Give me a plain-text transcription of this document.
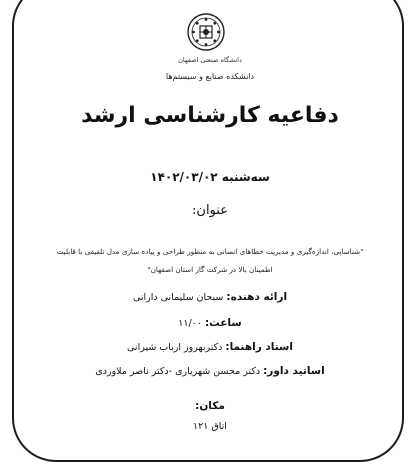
دانشگاه صنعتی اصفهان
دانشکده صنایع و سیستم‌ها
دفاعیه کارشناسی ارشد
سه‌شنبه ۱۴۰۲/۰۳/۰۲
عنوان:
"شناسایی، اندازه‌گیری و مدیریت خطاهای انسانی به منظور طراحی و پیاده سازی مدل تلفیقی با قابلیت
اطمینان بالا در شرکت گاز استان اصفهان"
ارائه دهنده: سبحان سلیمانی دارانی
ساعت: ۱۱/۰۰
استاد راهنما: دکتربهروز ارباب شیرانی
اساتید داور: دکتر محسن شهریاری -دکتر ناصر ملاوردی
مکان:
اتاق ۱۲۱
